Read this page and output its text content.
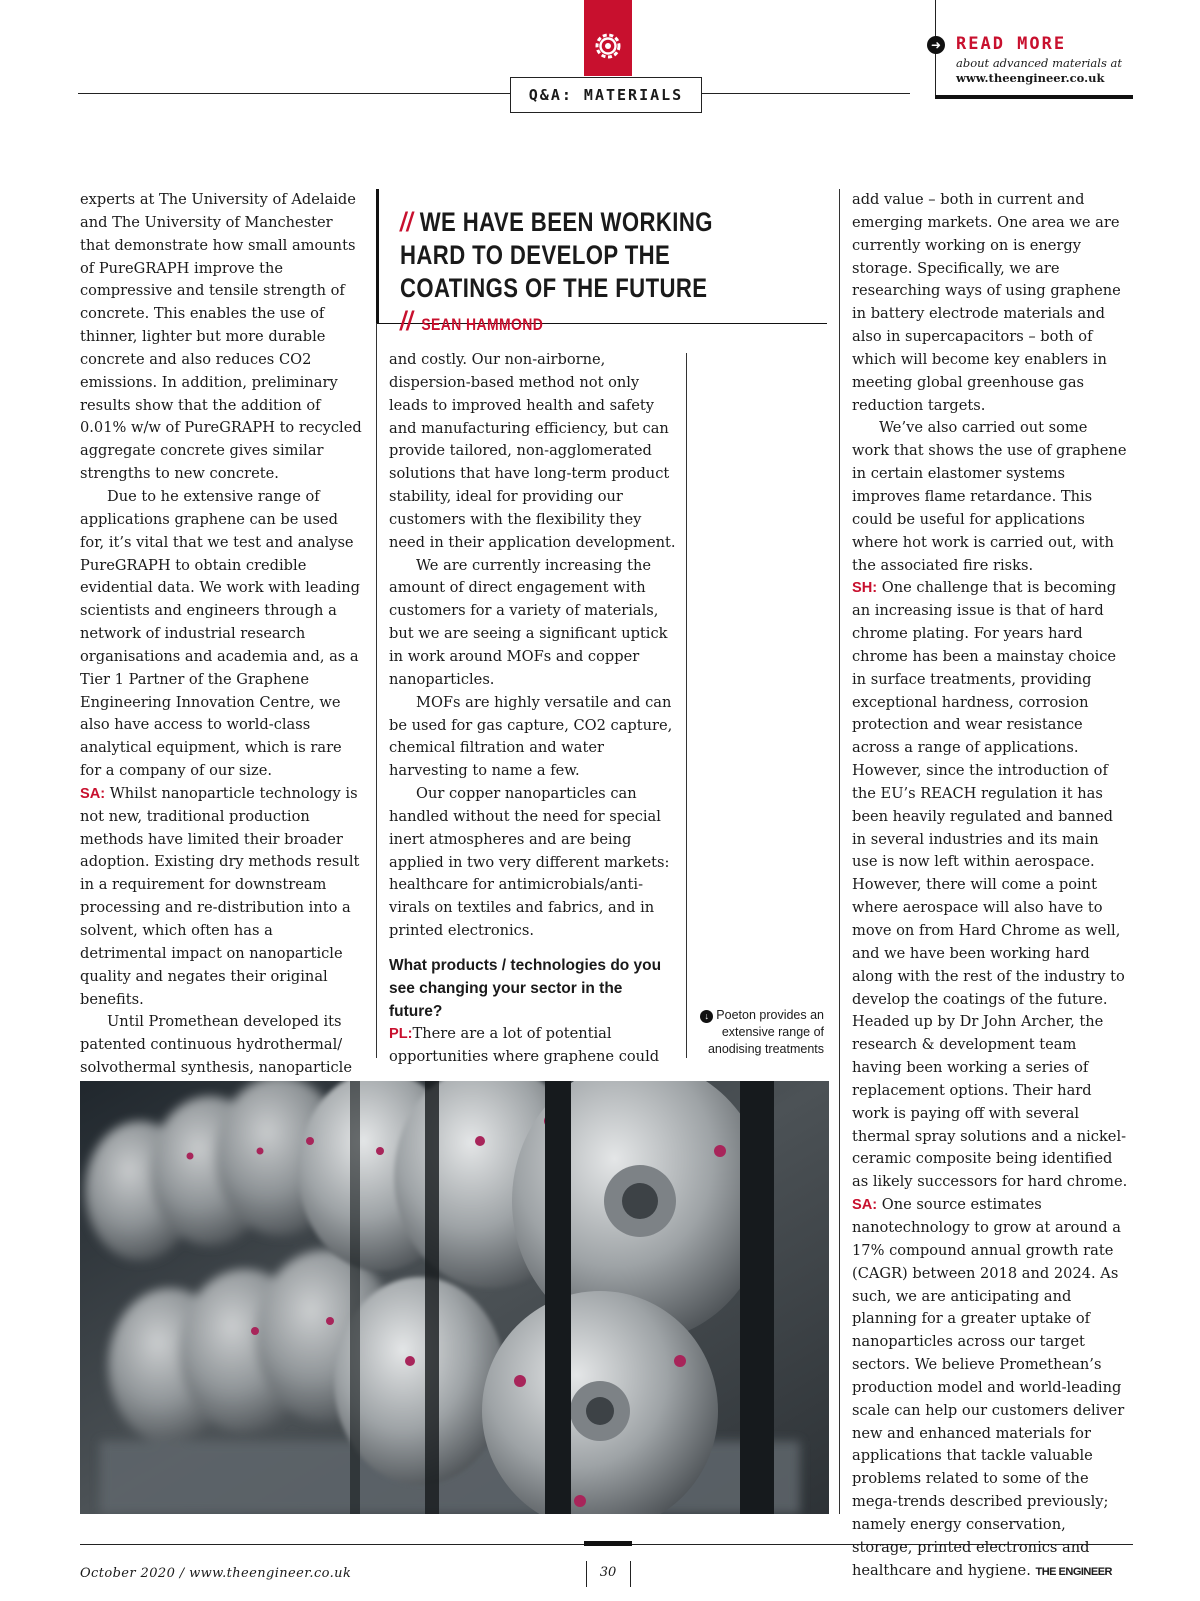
Q&A: MATERIALS
➜ READ MORE
about advanced materials at
www.theengineer.co.uk

experts at The University of Adelaide and The University of Manchester that demonstrate how small amounts of PureGRAPH improve the compressive and tensile strength of concrete. This enables the use of thinner, lighter but more durable concrete and also reduces CO2 emissions. In addition, preliminary results show that the addition of 0.01% w/w of PureGRAPH to recycled aggregate concrete gives similar strengths to new concrete.

Due to he extensive range of applications graphene can be used for, it’s vital that we test and analyse PureGRAPH to obtain credible evidential data. We work with leading scientists and engineers through a network of industrial research organisations and academia and, as a Tier 1 Partner of the Graphene Engineering Innovation Centre, we also have access to world-class analytical equipment, which is rare for a company of our size.

SA: Whilst nanoparticle technology is not new, traditional production methods have limited their broader adoption. Existing dry methods result in a requirement for downstream processing and re-distribution into a solvent, which often has a detrimental impact on nanoparticle quality and negates their original benefits.

Until Promethean developed its patented continuous hydrothermal/ solvothermal synthesis, nanoparticle

// WE HAVE BEEN WORKING HARD TO DEVELOP THE COATINGS OF THE FUTURE // SEAN HAMMOND

and costly. Our non-airborne, dispersion-based method not only leads to improved health and safety and manufacturing efficiency, but can provide tailored, non-agglomerated solutions that have long-term product stability, ideal for providing our customers with the flexibility they need in their application development.

We are currently increasing the amount of direct engagement with customers for a variety of materials, but we are seeing a significant uptick in work around MOFs and copper nanoparticles.

MOFs are highly versatile and can be used for gas capture, CO2 capture, chemical filtration and water harvesting to name a few.

Our copper nanoparticles can handled without the need for special inert atmospheres and are being applied in two very different markets: healthcare for antimicrobials/anti-virals on textiles and fabrics, and in printed electronics.

What products / technologies do you see changing your sector in the future?

PL:There are a lot of potential opportunities where graphene could

↓ Poeton provides an extensive range of anodising treatments

add value – both in current and emerging markets. One area we are currently working on is energy storage. Specifically, we are researching ways of using graphene in battery electrode materials and also in supercapacitors – both of which will become key enablers in meeting global greenhouse gas reduction targets.

We’ve also carried out some work that shows the use of graphene in certain elastomer systems improves flame retardance. This could be useful for applications where hot work is carried out, with the associated fire risks.

SH: One challenge that is becoming an increasing issue is that of hard chrome plating. For years hard chrome has been a mainstay choice in surface treatments, providing exceptional hardness, corrosion protection and wear resistance across a range of applications. However, since the introduction of the EU’s REACH regulation it has been heavily regulated and banned in several industries and its main use is now left within aerospace. However, there will come a point where aerospace will also have to move on from Hard Chrome as well, and we have been working hard along with the rest of the industry to develop the coatings of the future. Headed up by Dr John Archer, the research & development team having been working a series of replacement options. Their hard work is paying off with several thermal spray solutions and a nickel-ceramic composite being identified as likely successors for hard chrome.

SA: One source estimates nanotechnology to grow at around a 17% compound annual growth rate (CAGR) between 2018 and 2024. As such, we are anticipating and planning for a greater uptake of nanoparticles across our target sectors. We believe Promethean’s production model and world-leading scale can help our customers deliver new and enhanced materials for applications that tackle valuable problems related to some of the mega-trends described previously; namely energy conservation, storage, printed electronics and healthcare and hygiene. THE ENGINEER

30
October 2020 / www.theengineer.co.uk
